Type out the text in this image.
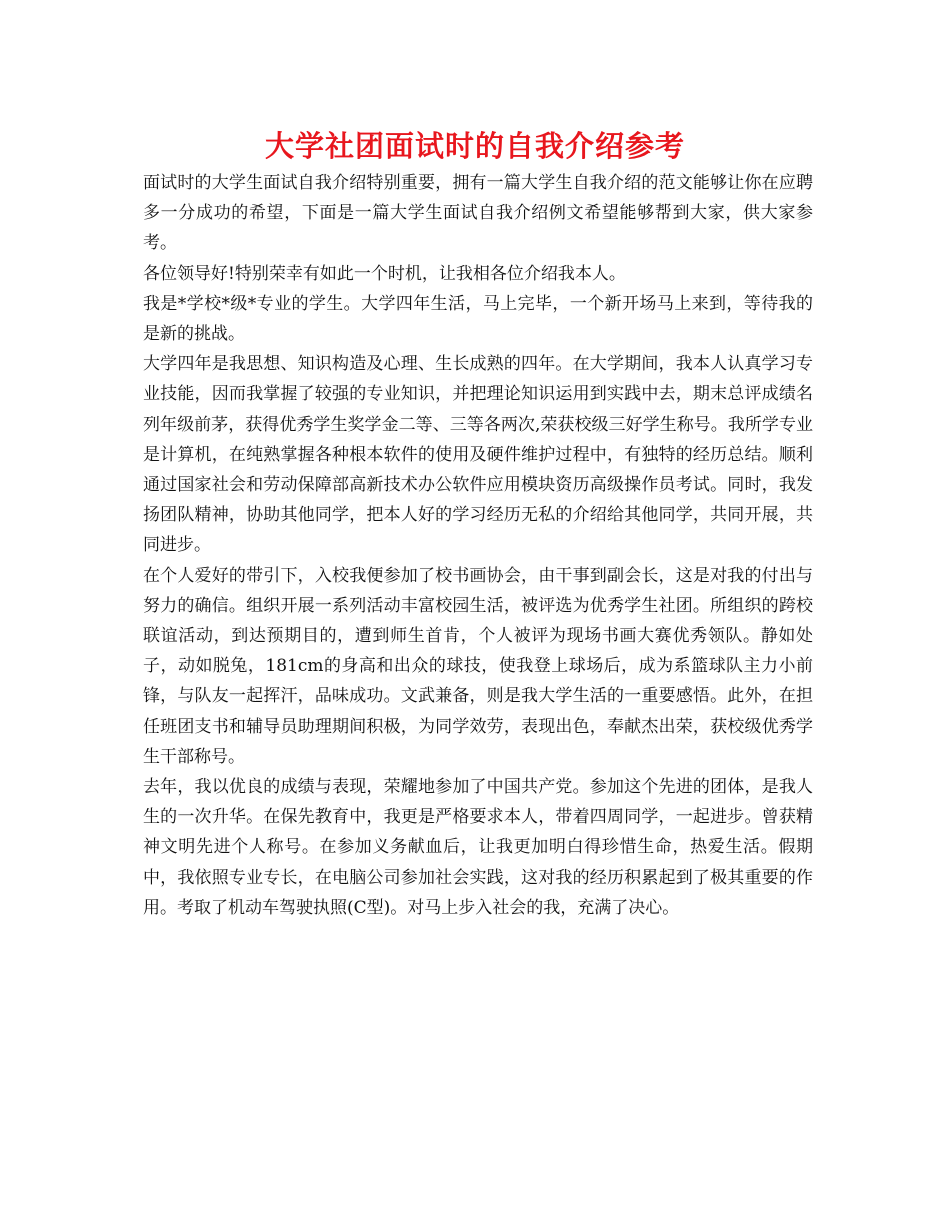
大学社团面试时的自我介绍参考

面试时的大学生面试自我介绍特别重要，拥有一篇大学生自我介绍的范文能够让你在应聘多一分成功的希望，下面是一篇大学生面试自我介绍例文希望能够帮到大家，供大家参考。

各位领导好!特别荣幸有如此一个时机，让我相各位介绍我本人。

我是*学校*级*专业的学生。大学四年生活，马上完毕，一个新开场马上来到，等待我的是新的挑战。

大学四年是我思想、知识构造及心理、生长成熟的四年。在大学期间，我本人认真学习专业技能，因而我掌握了较强的专业知识，并把理论知识运用到实践中去，期末总评成绩名列年级前茅，获得优秀学生奖学金二等、三等各两次,荣获校级三好学生称号。我所学专业是计算机，在纯熟掌握各种根本软件的使用及硬件维护过程中，有独特的经历总结。顺利通过国家社会和劳动保障部高新技术办公软件应用模块资历高级操作员考试。同时，我发扬团队精神，协助其他同学，把本人好的学习经历无私的介绍给其他同学，共同开展，共同进步。

在个人爱好的带引下，入校我便参加了校书画协会，由干事到副会长，这是对我的付出与努力的确信。组织开展一系列活动丰富校园生活，被评选为优秀学生社团。所组织的跨校联谊活动，到达预期目的，遭到师生首肯，个人被评为现场书画大赛优秀领队。静如处子，动如脱兔，181cm的身高和出众的球技，使我登上球场后，成为系篮球队主力小前锋，与队友一起挥汗，品味成功。文武兼备，则是我大学生活的一重要感悟。此外，在担任班团支书和辅导员助理期间积极，为同学效劳，表现出色，奉献杰出荣，获校级优秀学生干部称号。

去年，我以优良的成绩与表现，荣耀地参加了中国共产党。参加这个先进的团体，是我人生的一次升华。在保先教育中，我更是严格要求本人，带着四周同学，一起进步。曾获精神文明先进个人称号。在参加义务献血后，让我更加明白得珍惜生命，热爱生活。假期中，我依照专业专长，在电脑公司参加社会实践，这对我的经历积累起到了极其重要的作用。考取了机动车驾驶执照(C型)。对马上步入社会的我，充满了决心。
